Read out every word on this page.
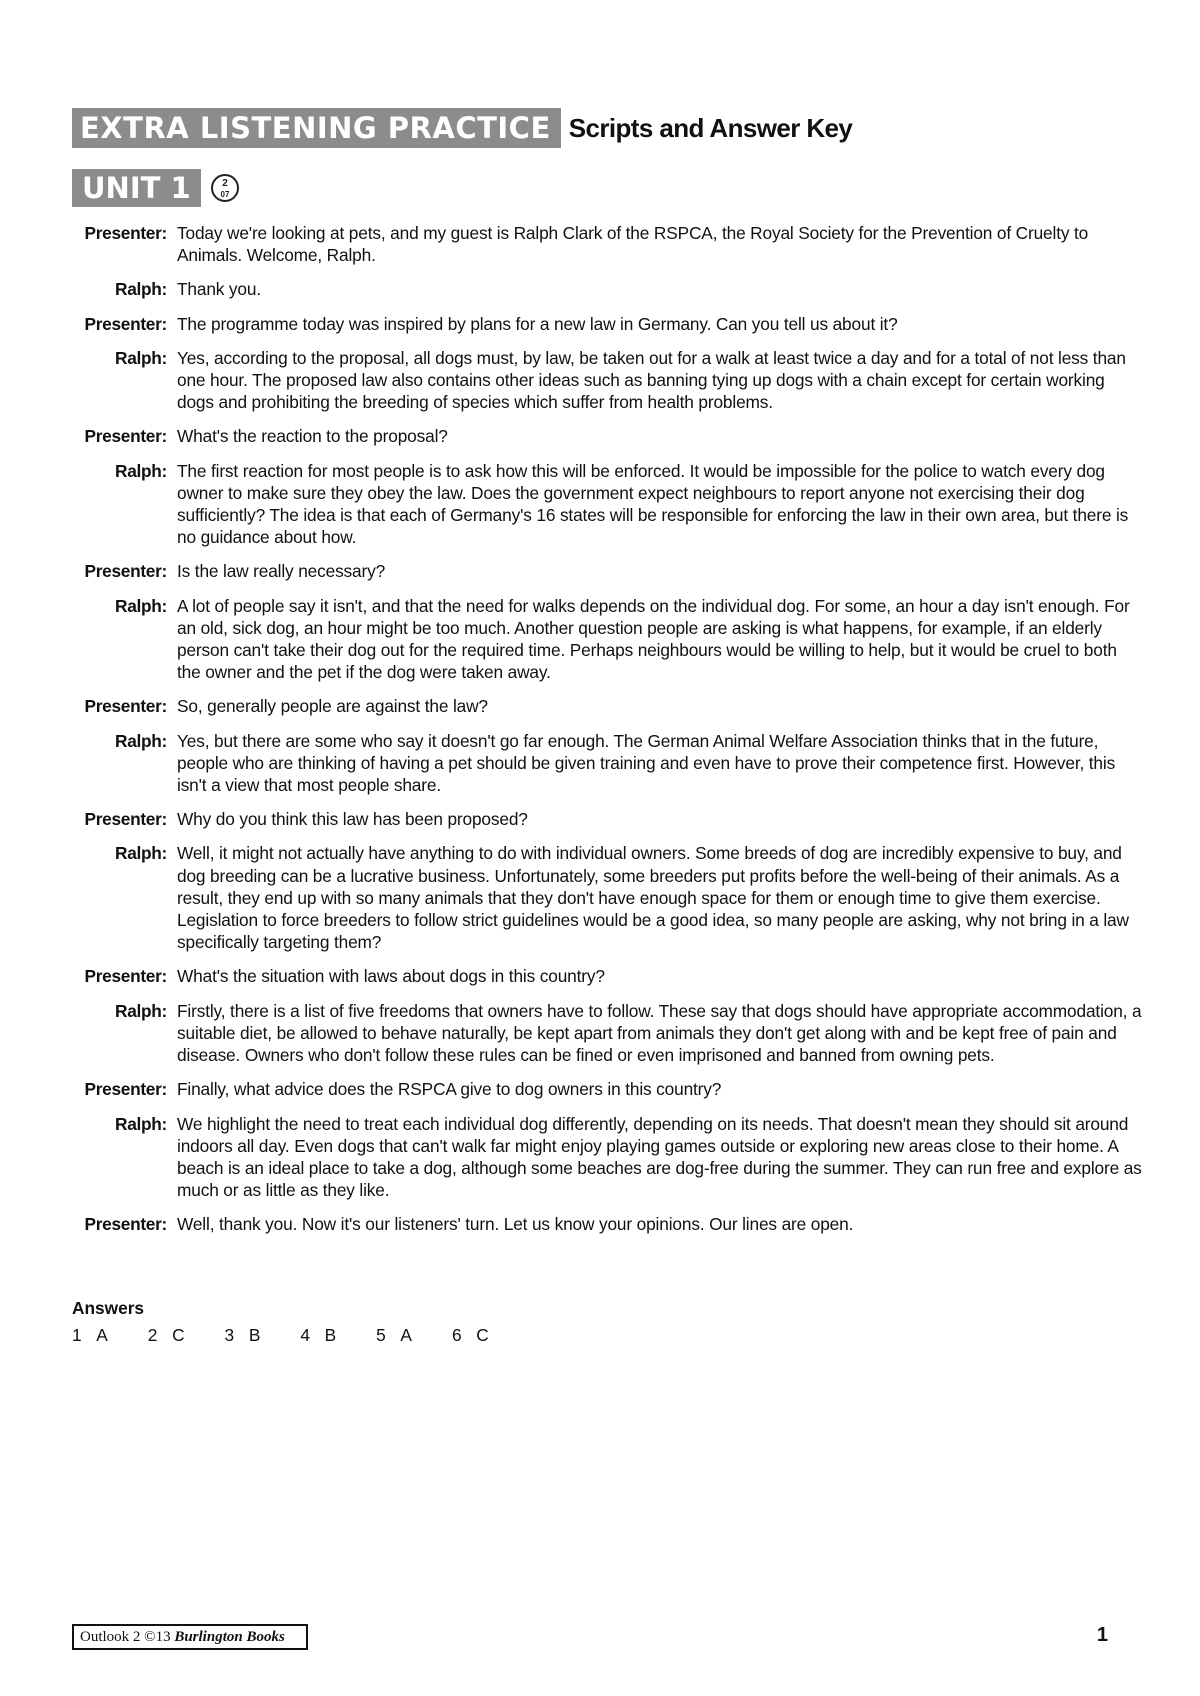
EXTRA LISTENING PRACTICE Scripts and Answer Key
UNIT 1	2
07
Presenter: Today we're looking at pets, and my guest is Ralph Clark of the RSPCA, the Royal Society for the Prevention of Cruelty to Animals. Welcome, Ralph.
Ralph: Thank you.
Presenter: The programme today was inspired by plans for a new law in Germany. Can you tell us about it?
Ralph: Yes, according to the proposal, all dogs must, by law, be taken out for a walk at least twice a day and for a total of not less than one hour. The proposed law also contains other ideas such as banning tying up dogs with a chain except for certain working dogs and prohibiting the breeding of species which suffer from health problems.
Presenter: What's the reaction to the proposal?
Ralph: The first reaction for most people is to ask how this will be enforced. It would be impossible for the police to watch every dog owner to make sure they obey the law. Does the government expect neighbours to report anyone not exercising their dog sufficiently? The idea is that each of Germany's 16 states will be responsible for enforcing the law in their own area, but there is no guidance about how.
Presenter: Is the law really necessary?
Ralph: A lot of people say it isn't, and that the need for walks depends on the individual dog. For some, an hour a day isn't enough. For an old, sick dog, an hour might be too much. Another question people are asking is what happens, for example, if an elderly person can't take their dog out for the required time. Perhaps neighbours would be willing to help, but it would be cruel to both the owner and the pet if the dog were taken away.
Presenter: So, generally people are against the law?
Ralph: Yes, but there are some who say it doesn't go far enough. The German Animal Welfare Association thinks that in the future, people who are thinking of having a pet should be given training and even have to prove their competence first. However, this isn't a view that most people share.
Presenter: Why do you think this law has been proposed?
Ralph: Well, it might not actually have anything to do with individual owners. Some breeds of dog are incredibly expensive to buy, and dog breeding can be a lucrative business. Unfortunately, some breeders put profits before the well-being of their animals. As a result, they end up with so many animals that they don't have enough space for them or enough time to give them exercise. Legislation to force breeders to follow strict guidelines would be a good idea, so many people are asking, why not bring in a law specifically targeting them?
Presenter: What's the situation with laws about dogs in this country?
Ralph: Firstly, there is a list of five freedoms that owners have to follow. These say that dogs should have appropriate accommodation, a suitable diet, be allowed to behave naturally, be kept apart from animals they don't get along with and be kept free of pain and disease. Owners who don't follow these rules can be fined or even imprisoned and banned from owning pets.
Presenter: Finally, what advice does the RSPCA give to dog owners in this country?
Ralph: We highlight the need to treat each individual dog differently, depending on its needs. That doesn't mean they should sit around indoors all day. Even dogs that can't walk far might enjoy playing games outside or exploring new areas close to their home. A beach is an ideal place to take a dog, although some beaches are dog-free during the summer. They can run free and explore as much or as little as they like.
Presenter: Well, thank you. Now it's our listeners' turn. Let us know your opinions. Our lines are open.
Answers
1  A 2  C 3  B 4  B 5  A 6  C
Outlook 2 ©13 Burlington Books	1
